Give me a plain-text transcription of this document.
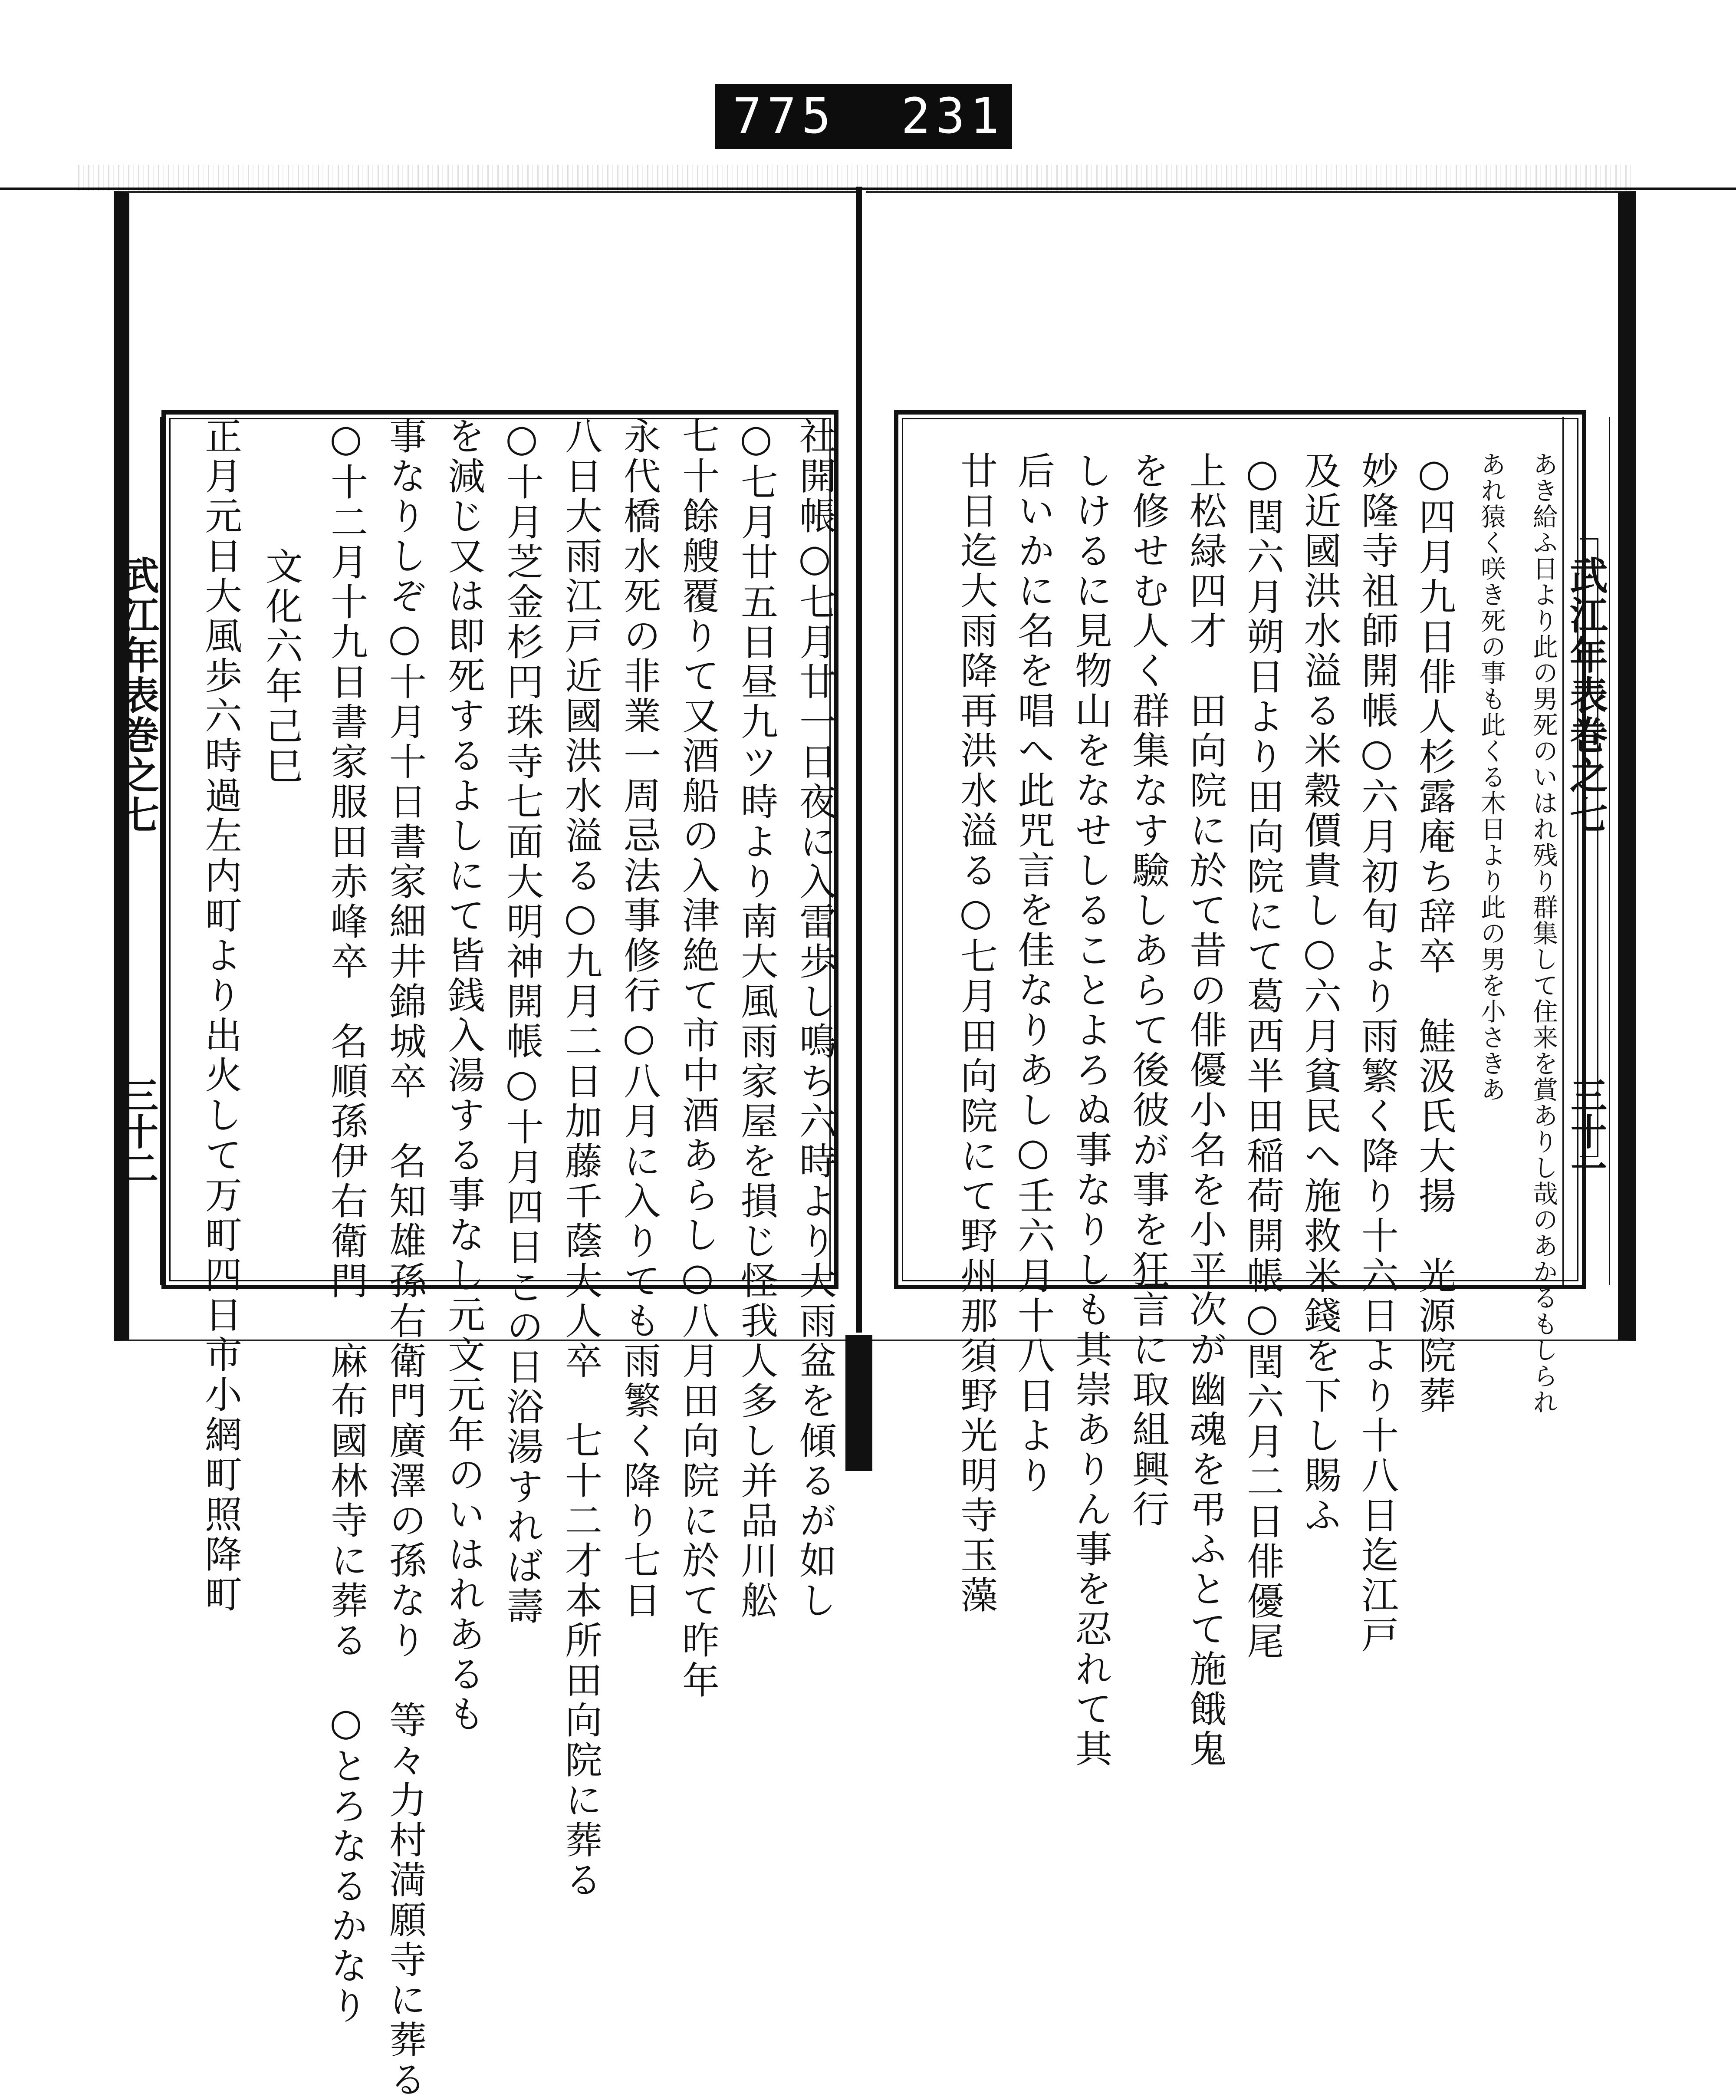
775 231
武江年表巻之七
三十一
武江年表巻之七
三十二	あき給ふ日より此の男死のいはれ残り群集して住来を賞ありし哉のあかるもしられ
あれ猿く咲き死の事も此くる木日より此の男を小さきあ
○四月九日俳人杉露庵ち辞卒　鮭汲氏大揚　光源院葬
妙隆寺祖師開帳○六月初旬より雨繁く降り十六日より十八日迄江戸
及近國洪水溢る米穀價貴し○六月貧民へ施救米錢を下し賜ふ
○閏六月朔日より田向院にて葛西半田稲荷開帳○閏六月二日俳優尾
上松緑四才　田向院に於て昔の俳優小名を小平次が幽魂を弔ふとて施餓鬼
を修せむ人く群集なす驗しあらて後彼が事を狂言に取組興行
しけるに見物山をなせしることよろぬ事なりしも其崇ありん事を忍れて其
后いかに名を唱へ此咒言を佳なりあし○壬六月十八日より
廿日迄大雨降再洪水溢る○七月田向院にて野州那須野光明寺玉藻
社開帳○七月廿一日夜に入雷歩し鳴ち六時より大雨盆を傾るが如し
○七月廿五日昼九ツ時より南大風雨家屋を損じ怪我人多し并品川舩
七十餘艘覆りて又酒船の入津絶て市中酒あらし○八月田向院に於て昨年
永代橋水死の非業一周忌法事修行○八月に入りても雨繁く降り七日
八日大雨江戸近國洪水溢る○九月二日加藤千蔭大人卒　七十二才本所田向院に葬る
○十月芝金杉円珠寺七面大明神開帳○十月四日この日浴湯すれば壽
を減じ又は即死するよしにて皆銭入湯する事なし元文元年のいはれあるも
事なりしぞ○十月十日書家細井錦城卒　名知雄孫右衛門廣澤の孫なり　等々力村満願寺に葬る
○十二月十九日書家服田赤峰卒　名順孫伊右衛門　麻布國林寺に葬る　○とろなるかなり
文化六年己巳
正月元日大風歩六時過左内町より出火して万町四日市小網町照降町
